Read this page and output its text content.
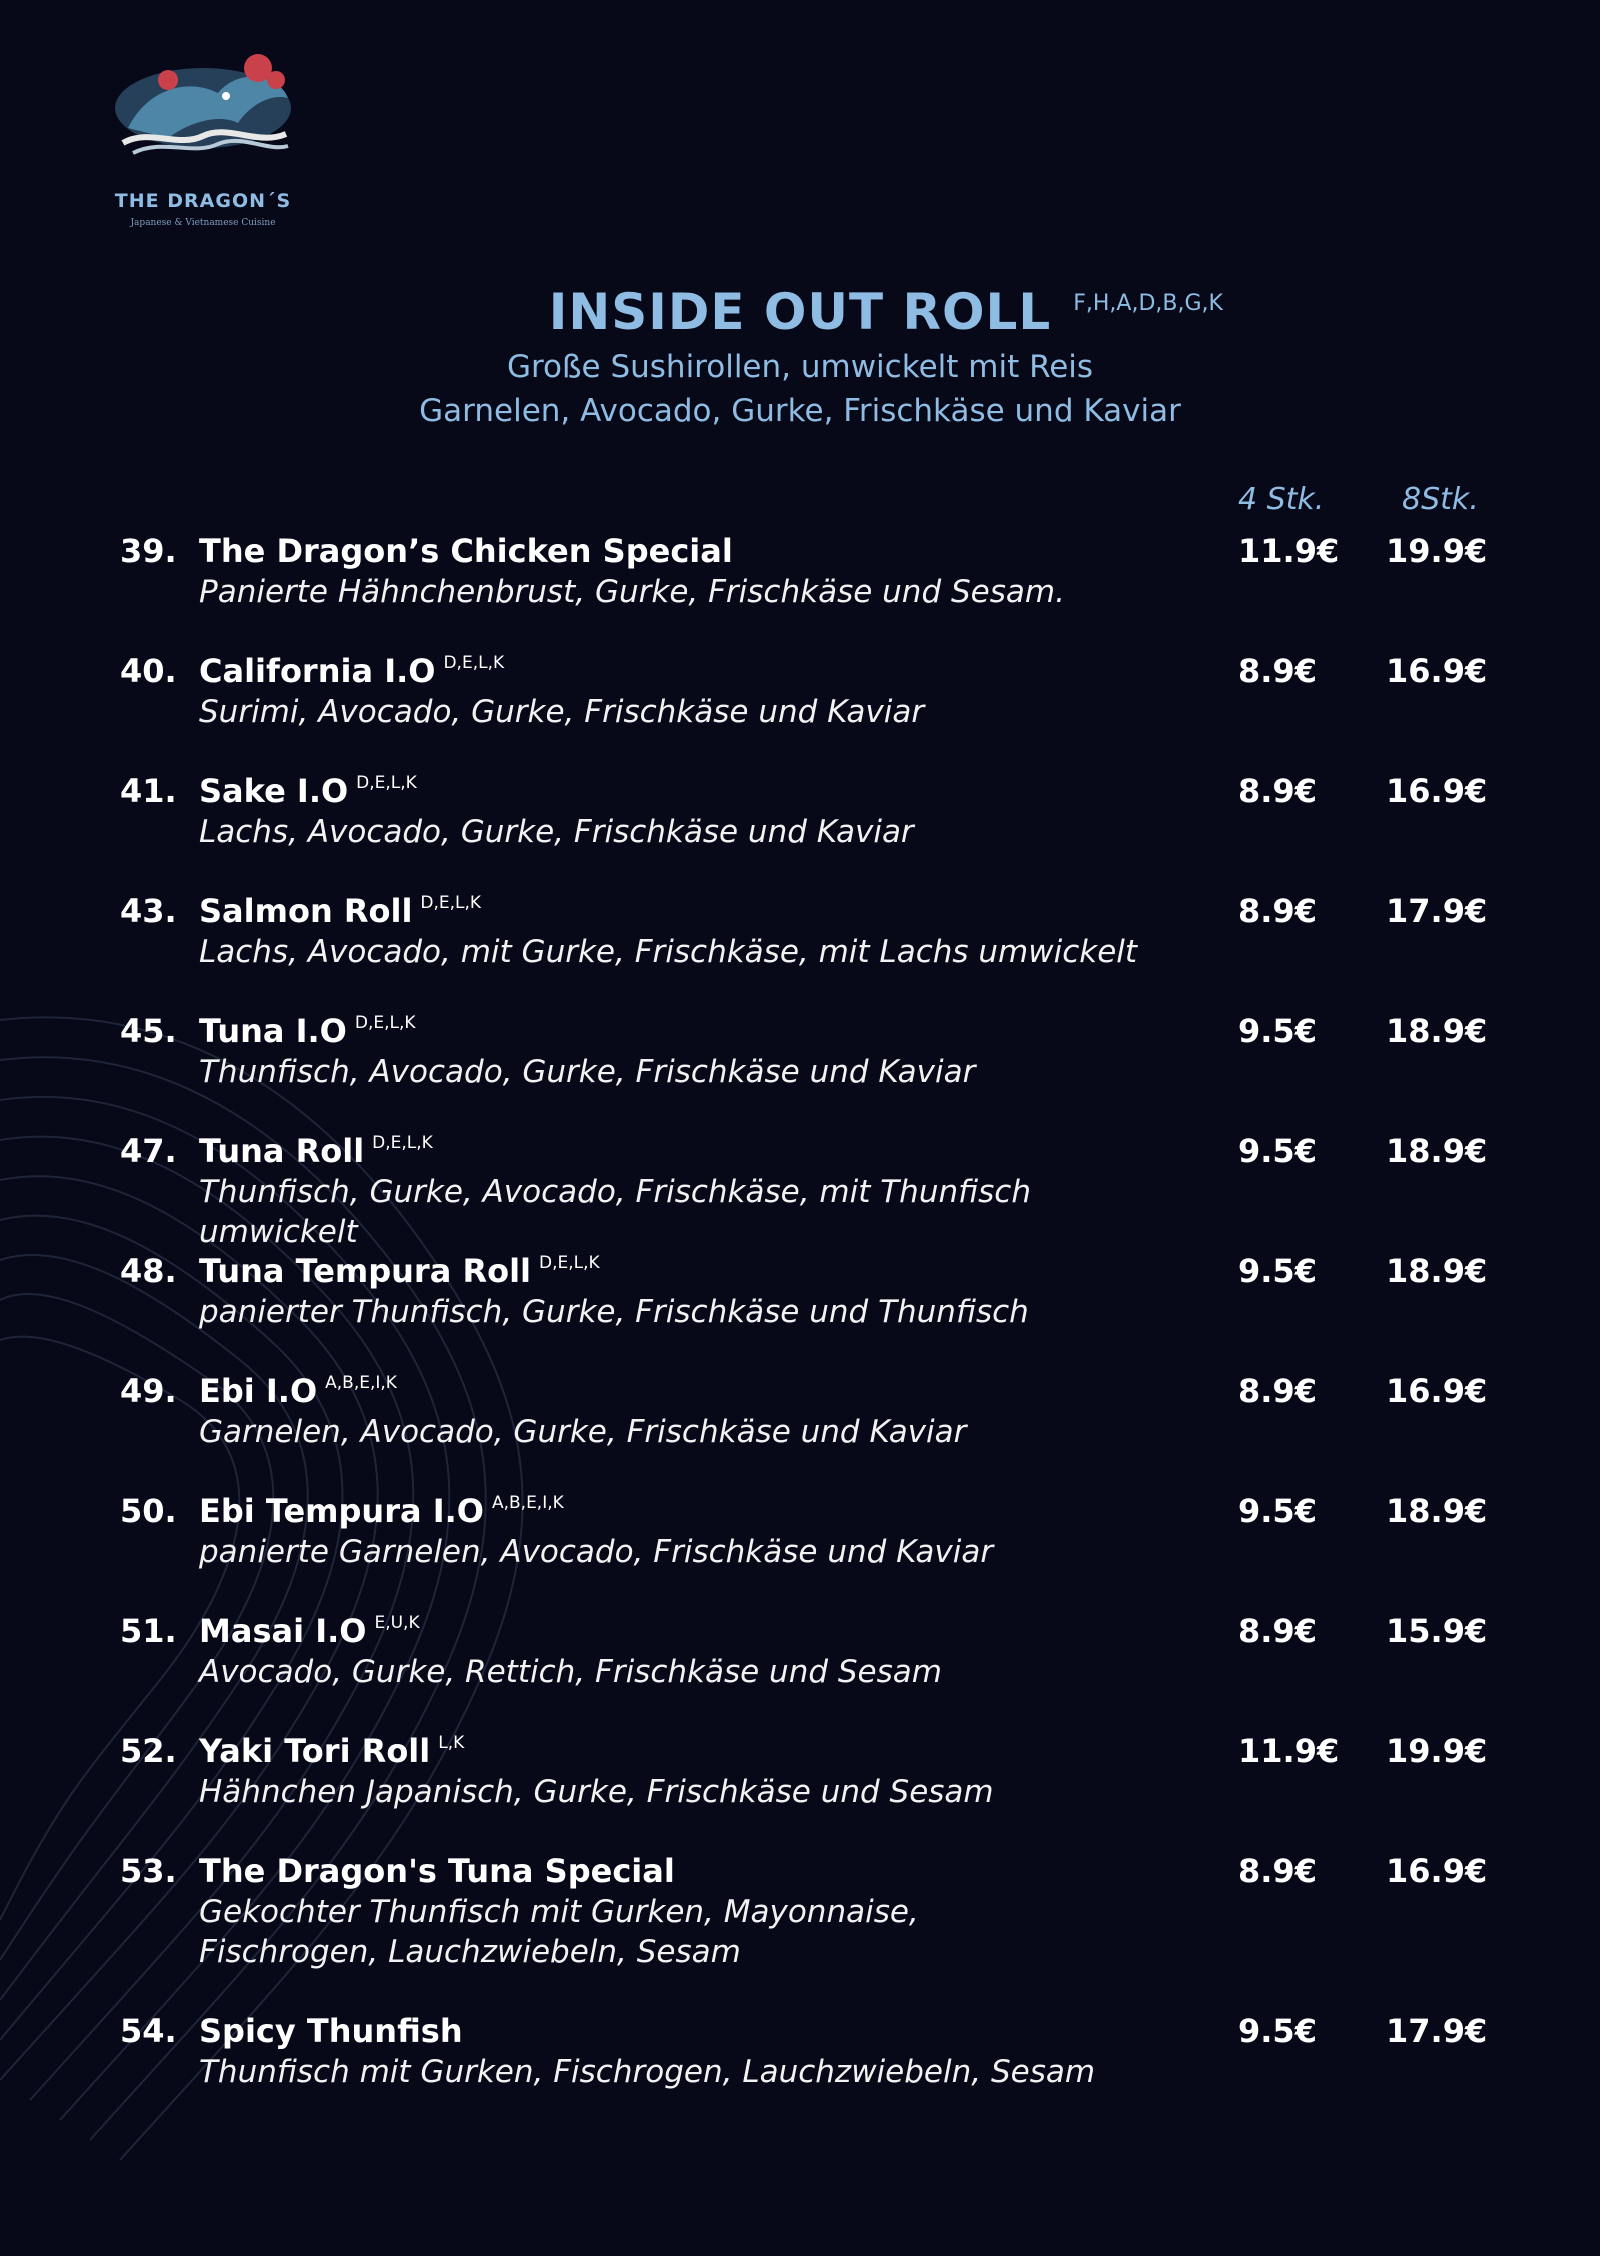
THE DRAGON´S
Japanese & Vietnamese Cuisine
INSIDE OUT ROLL F,H,A,D,B,G,K
Große Sushirollen, umwickelt mit Reis
Garnelen, Avocado, Gurke, Frischkäse und Kaviar
4 Stk.	8Stk.
39. The Dragon’s Chicken Special
Panierte Hähnchenbrust, Gurke, Frischkäse und Sesam.
11.9€ 19.9€
40. California I.O $^{D,E,L,K}$
Surimi, Avocado, Gurke, Frischkäse und Kaviar
8.9€ 16.9€
41. Sake I.O $^{D,E,L,K}$
Lachs, Avocado, Gurke, Frischkäse und Kaviar
8.9€ 16.9€
43. Salmon Roll $^{D,E,L,K}$
Lachs, Avocado, mit Gurke, Frischkäse, mit Lachs umwickelt
8.9€ 17.9€
45. Tuna I.O $^{D,E,L,K}$
Thunfisch, Avocado, Gurke, Frischkäse und Kaviar
9.5€ 18.9€
47. Tuna Roll $^{D,E,L,K}$
Thunfisch, Gurke, Avocado, Frischkäse, mit Thunfisch umwickelt
9.5€ 18.9€
48. Tuna Tempura Roll $^{D,E,L,K}$
panierter Thunfisch, Gurke, Frischkäse und Thunfisch
9.5€ 18.9€
49. Ebi I.O $^{A,B,E,I,K}$
Garnelen, Avocado, Gurke, Frischkäse und Kaviar
8.9€ 16.9€
50. Ebi Tempura I.O $^{A,B,E,I,K}$
panierte Garnelen, Avocado, Frischkäse und Kaviar
9.5€ 18.9€
51. Masai I.O $^{E,U,K}$
Avocado, Gurke, Rettich, Frischkäse und Sesam
8.9€ 15.9€
52. Yaki Tori Roll $^{L,K}$
Hähnchen Japanisch, Gurke, Frischkäse und Sesam
11.9€ 19.9€
53. The Dragon's Tuna Special
Gekochter Thunfisch mit Gurken, Mayonnaise,
Fischrogen, Lauchzwiebeln, Sesam
8.9€ 16.9€
54. Spicy Thunfish
Thunfisch mit Gurken, Fischrogen, Lauchzwiebeln, Sesam
9.5€ 17.9€
